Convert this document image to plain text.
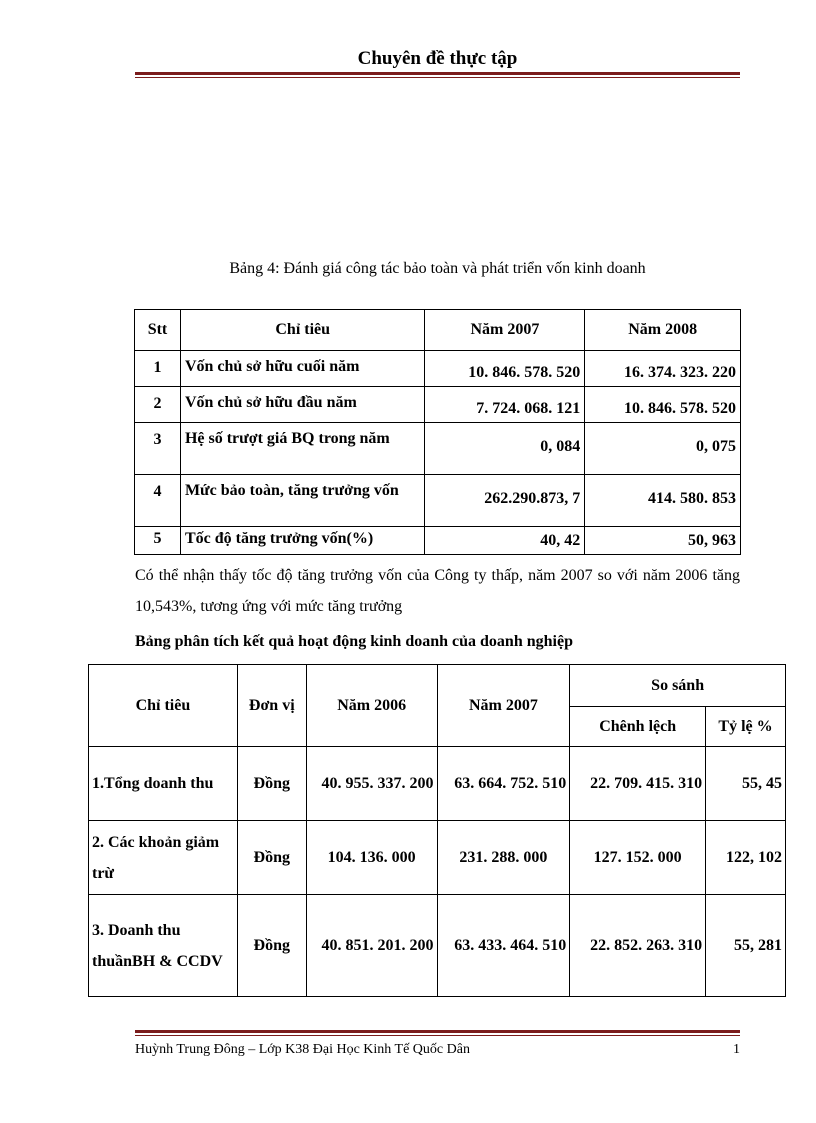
Chuyên đề thực tập
Bảng 4: Đánh giá công tác bảo toàn và phát triển vốn kinh doanh
Stt	Chỉ tiêu	Năm 2007	Năm 2008
1	Vốn chủ sở hữu cuối năm	10. 846. 578. 520	16. 374. 323. 220
2	Vốn chủ sở hữu đầu năm	7. 724. 068. 121	10. 846. 578. 520
3	Hệ số trượt giá BQ trong năm	0, 084	0, 075
4	Mức bảo toàn, tăng trưởng vốn	262.290.873, 7	414. 580. 853
5	Tốc độ tăng trưởng vốn(%)	40, 42	50, 963
Có thể nhận thấy tốc độ tăng trưởng vốn của Công ty thấp, năm 2007 so với năm 2006 tăng 10,543%, tương ứng với mức tăng trưởng
Bảng phân tích kết quả hoạt động kinh doanh của doanh nghiệp
Chỉ tiêu	Đơn vị	Năm 2006	Năm 2007	So sánh	
				Chênh lệch	Tỷ lệ %
1.Tổng doanh thu	Đồng	40. 955. 337. 200	63. 664. 752. 510	22. 709. 415. 310	55, 45
2. Các khoản giảm trừ	Đồng	104. 136. 000	231. 288. 000	127. 152. 000	122, 102
3. Doanh thu thuầnBH & CCDV	Đồng	40. 851. 201. 200	63. 433. 464. 510	22. 852. 263. 310	55, 281
Huỳnh Trung Đông – Lớp K38 Đại Học Kinh Tế Quốc Dân	1
